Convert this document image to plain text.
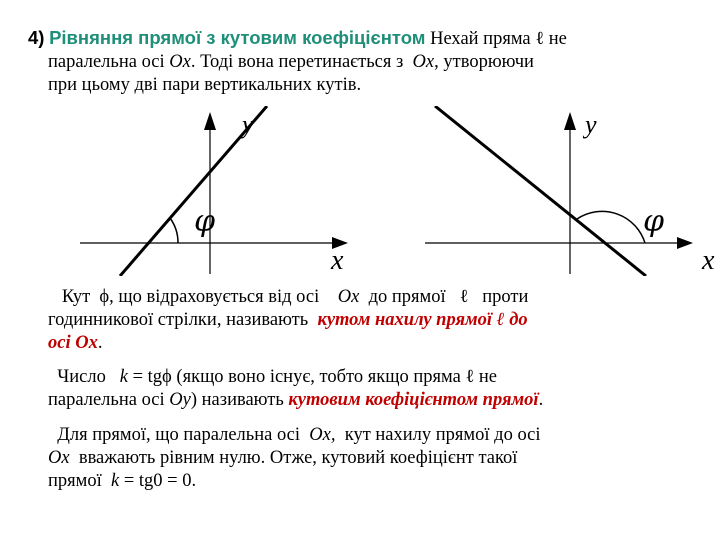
4) Рівняння прямої з кутовим коефіцієнтом Нехай пряма ℓ не
паралельна осі Ox. Тоді вона перетинається з Ox, утворюючи
при цьому дві пари вертикальних кутів.
y
x
φ
y
x
φ
Кут ϕ, що відраховується від осі Ox до прямої ℓ проти
годинникової стрілки, називають кутом нахилу прямої ℓ до
осі Ox.
Число k = tgϕ (якщо воно існує, тобто якщо пряма ℓ не
паралельна осі Oy) називають кутовим коефіцієнтом прямої.
Для прямої, що паралельна осі Ox, кут нахилу прямої до осі
Ox вважають рівним нулю. Отже, кутовий коефіцієнт такої
прямої k = tg0 = 0.
